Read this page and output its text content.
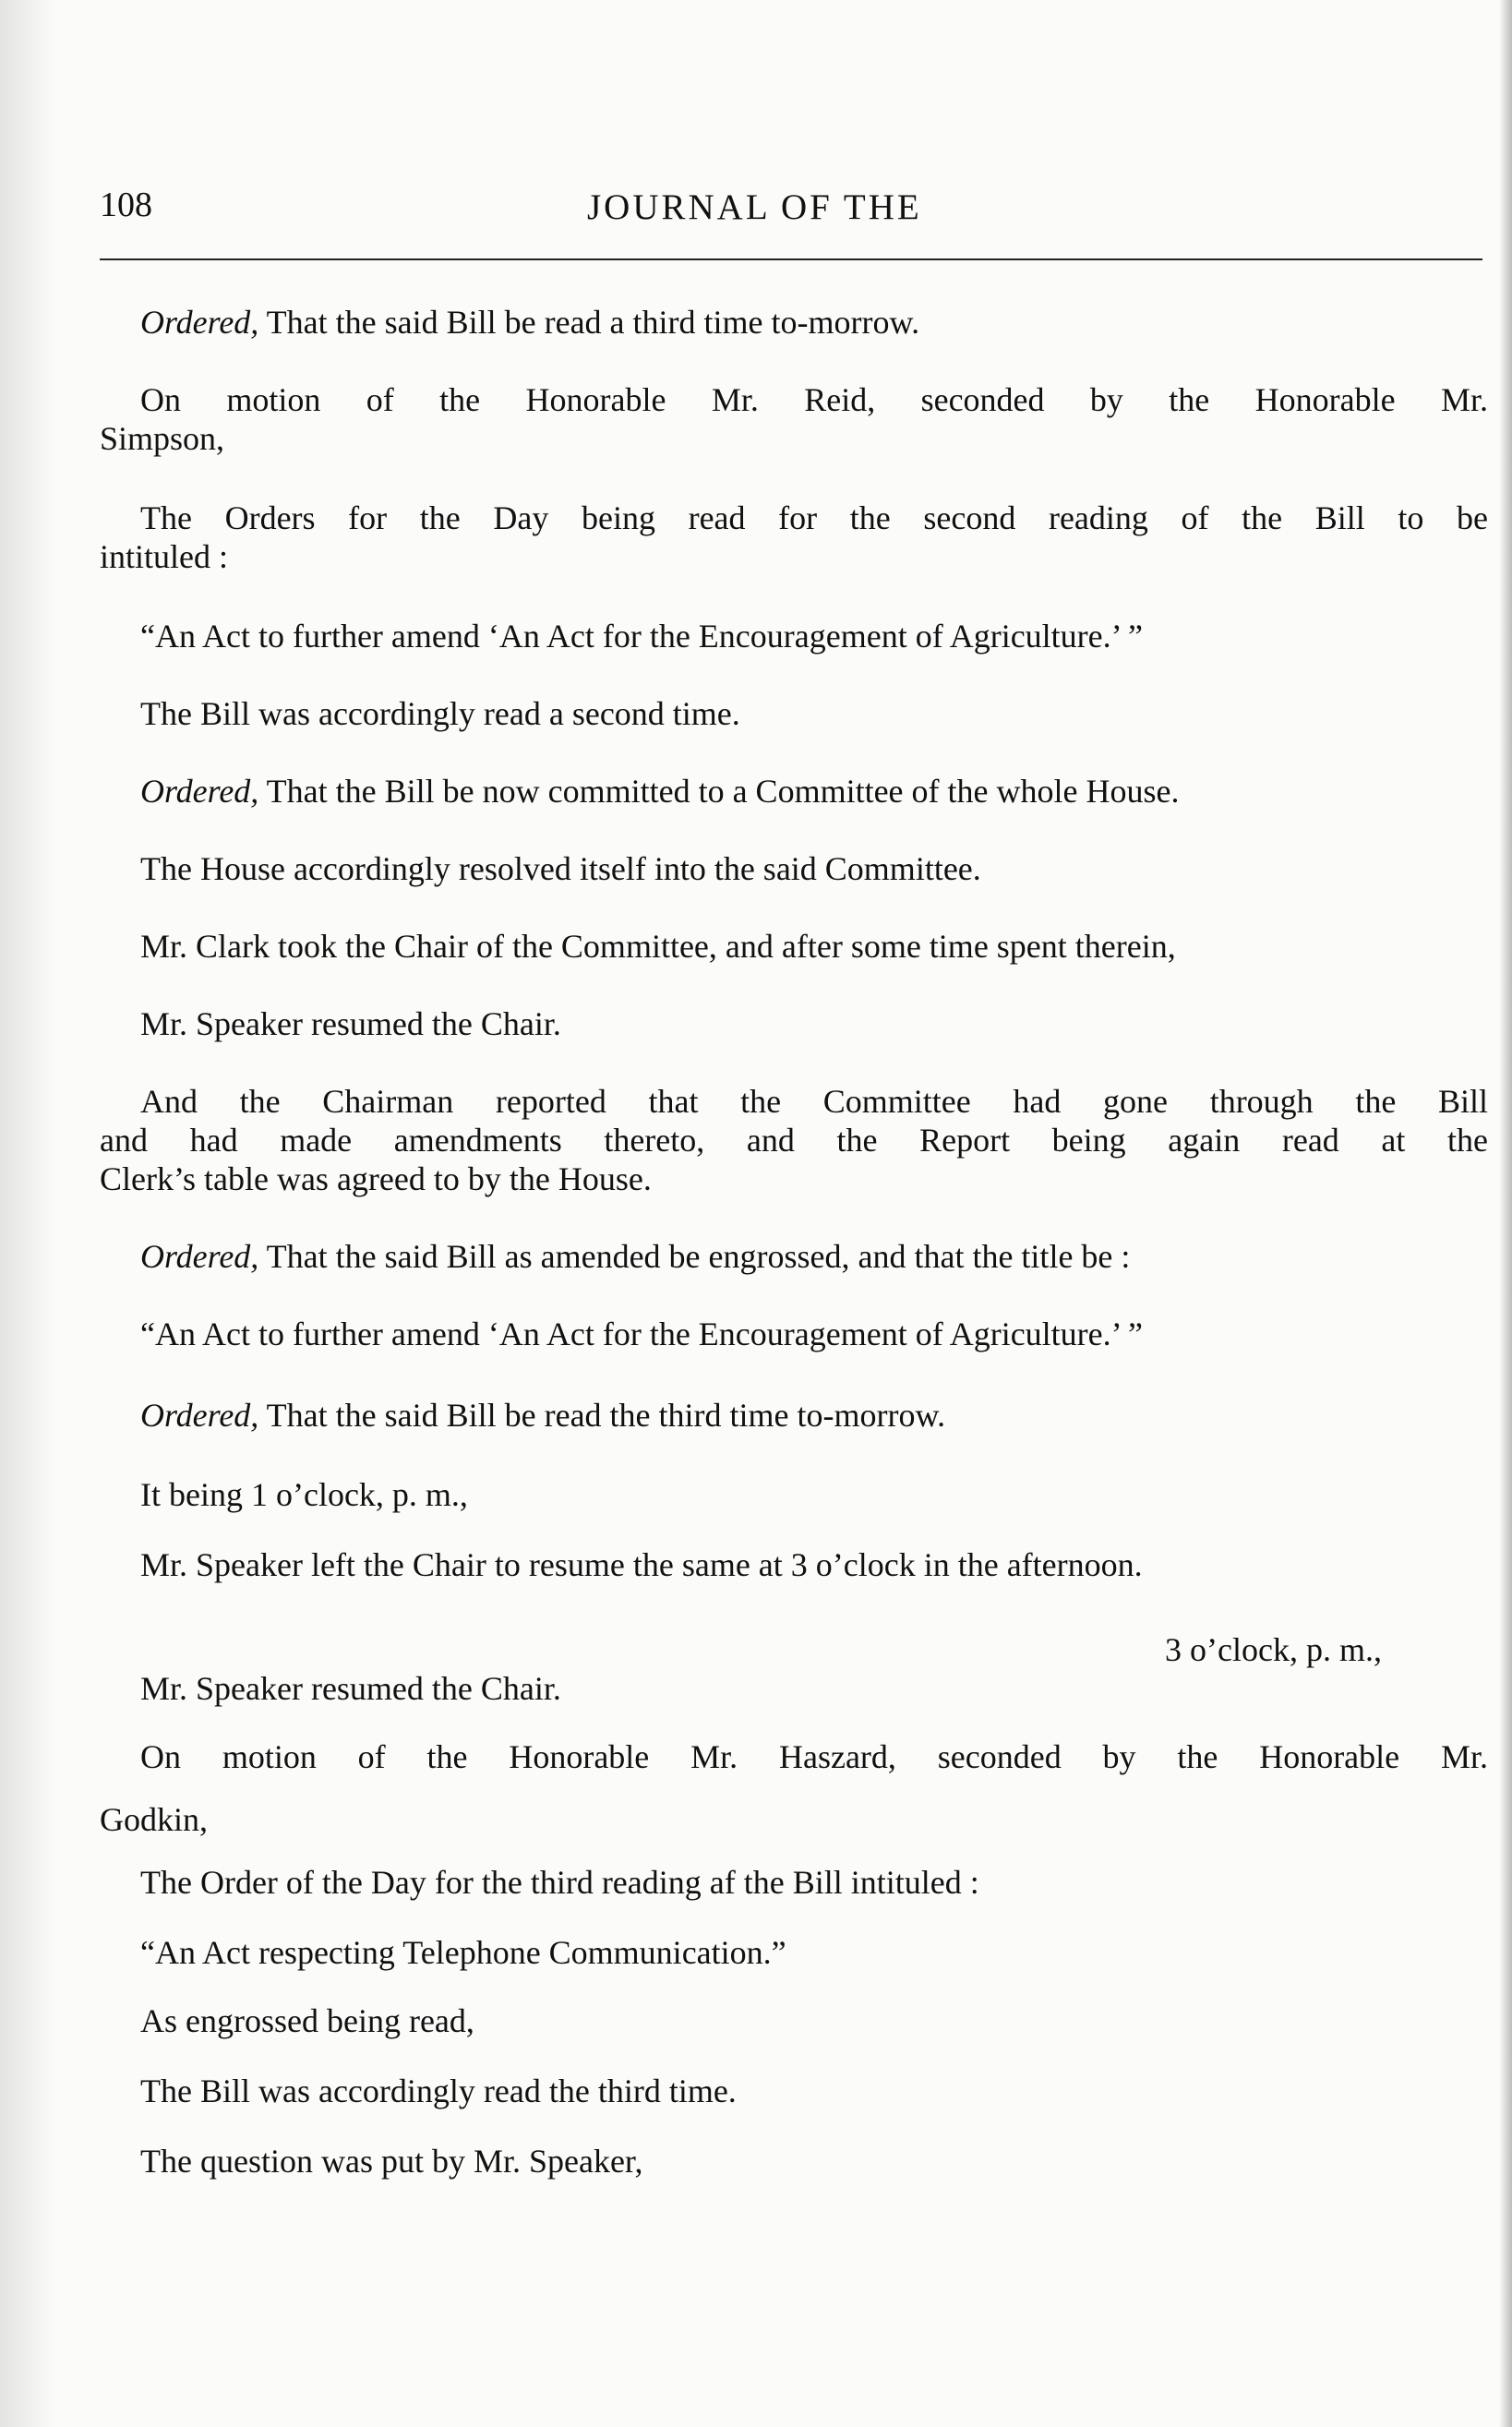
108	JOURNAL OF THE

Ordered, That the said Bill be read a third time to-morrow.

On motion of the Honorable Mr. Reid, seconded by the Honorable Mr.
Simpson,
The Orders for the Day being read for the second reading of the Bill to be
intituled :
“An Act to further amend ‘An Act for the Encouragement of Agriculture.’ ”
The Bill was accordingly read a second time.

Ordered, That the Bill be now committed to a Committee of the whole House.

The House accordingly resolved itself into the said Committee.
Mr. Clark took the Chair of the Committee, and after some time spent therein,
Mr. Speaker resumed the Chair.
And the Chairman reported that the Committee had gone through the Bill
and had made amendments thereto, and the Report being again read at the
Clerk’s table was agreed to by the House.

Ordered, That the said Bill as amended be engrossed, and that the title be :

“An Act to further amend ‘An Act for the Encouragement of Agriculture.’ ”

Ordered, That the said Bill be read the third time to-morrow.

It being 1 o’clock, p. m.,
Mr. Speaker left the Chair to resume the same at 3 o’clock in the afternoon.
3 o’clock, p. m.,
Mr. Speaker resumed the Chair.
On motion of the Honorable Mr. Haszard, seconded by the Honorable Mr.
Godkin,
The Order of the Day for the third reading af the Bill intituled :
“An Act respecting Telephone Communication.”
As engrossed being read,
The Bill was accordingly read the third time.
The question was put by Mr. Speaker,
